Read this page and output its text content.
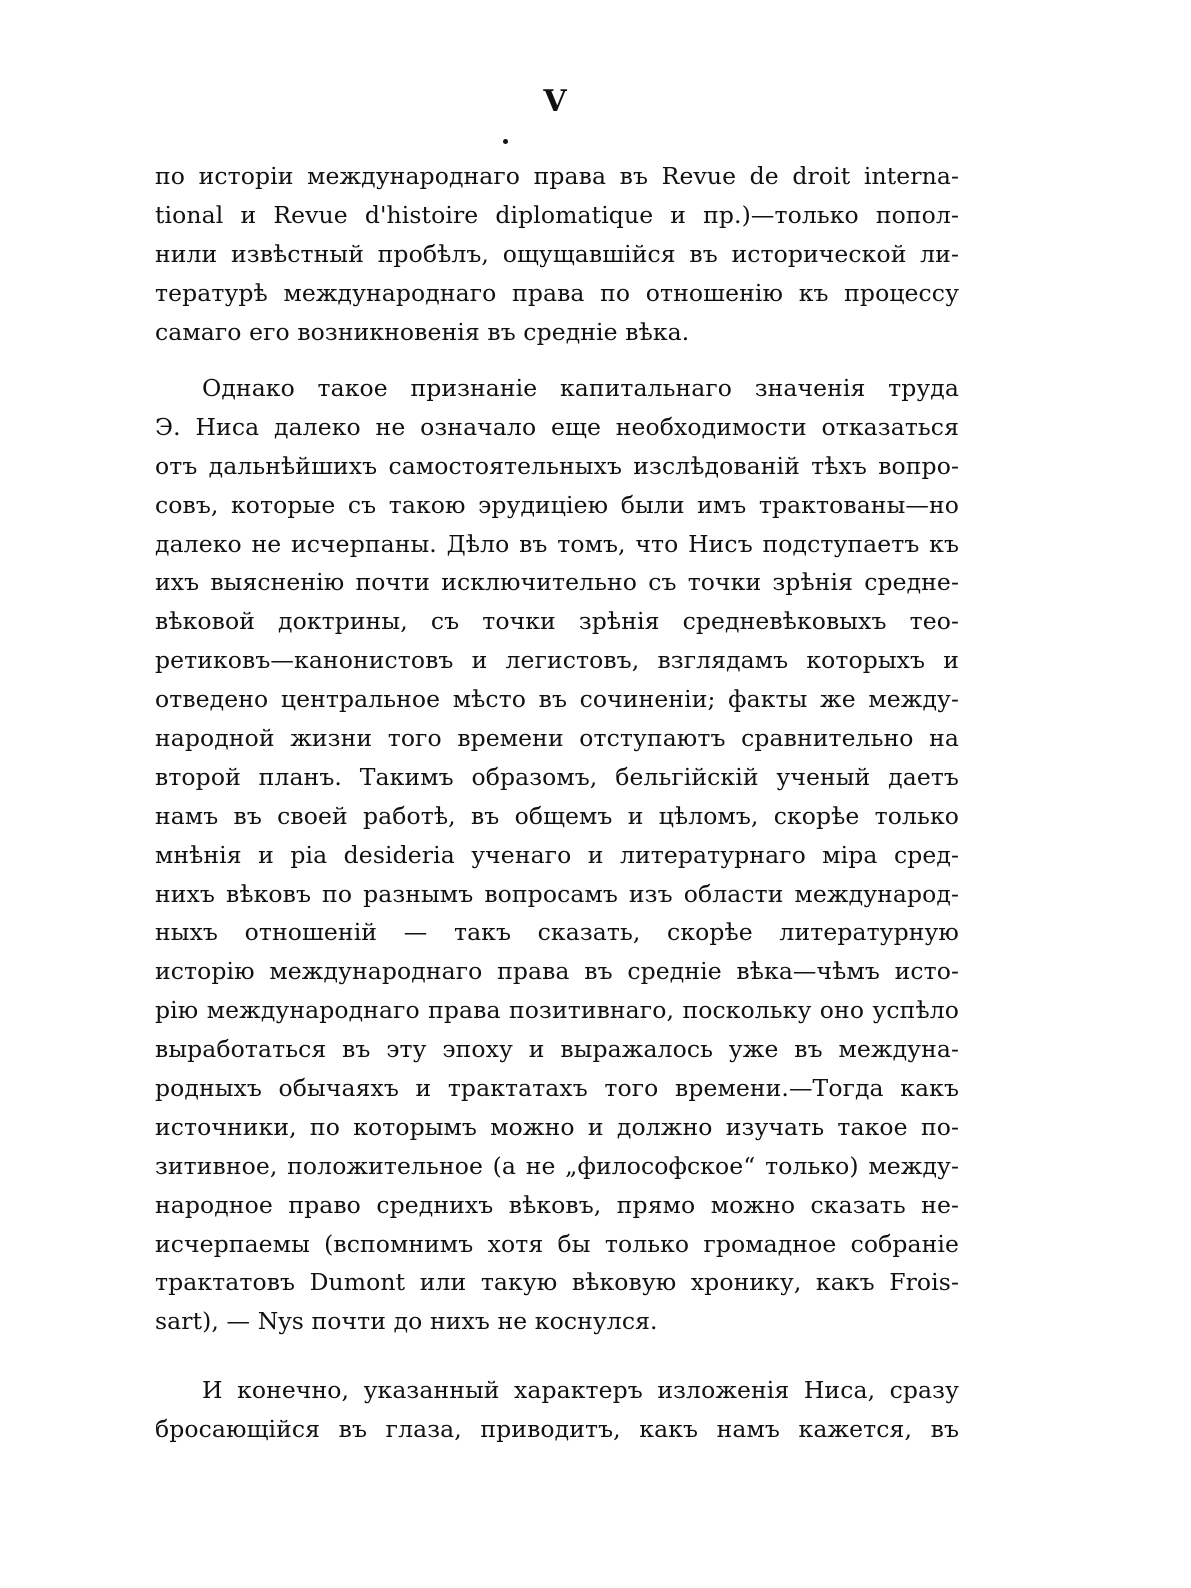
V
по исторіи международнаго права въ Revue de droit interna-
tional и Revue d'histoire diplomatique и пр.)—только попол-
нили извѣстный пробѣлъ, ощущавшійся въ исторической ли-
тературѣ международнаго права по отношенію къ процессу
самаго его возникновенія въ средніе вѣка.
Однако такое признаніе капитальнаго значенія труда
Э. Ниса далеко не означало еще необходимости отказаться
отъ дальнѣйшихъ самостоятельныхъ изслѣдованій тѣхъ вопро-
совъ, которые съ такою эрудиціею были имъ трактованы—но
далеко не исчерпаны. Дѣло въ томъ, что Нисъ подступаетъ къ
ихъ выясненію почти исключительно съ точки зрѣнія средне-
вѣковой доктрины, съ точки зрѣнія средневѣковыхъ тео-
ретиковъ—канонистовъ и легистовъ, взглядамъ которыхъ и
отведено центральное мѣсто въ сочиненіи; факты же между-
народной жизни того времени отступаютъ сравнительно на
второй планъ. Такимъ образомъ, бельгійскій ученый даетъ
намъ въ своей работѣ, въ общемъ и цѣломъ, скорѣе только
мнѣнія и pia desideria ученаго и литературнаго міра сред-
нихъ вѣковъ по разнымъ вопросамъ изъ области международ-
ныхъ отношеній — такъ сказать, скорѣе литературную
исторію международнаго права въ средніе вѣка—чѣмъ исто-
рію международнаго права позитивнаго, поскольку оно успѣло
выработаться въ эту эпоху и выражалось уже въ междуна-
родныхъ обычаяхъ и трактатахъ того времени.—Тогда какъ
источники, по которымъ можно и должно изучать такое по-
зитивное, положительное (а не „философское“ только) между-
народное право среднихъ вѣковъ, прямо можно сказать не-
исчерпаемы (вспомнимъ хотя бы только громадное собраніе
трактатовъ Dumont или такую вѣковую хронику, какъ Frois-
sart), — Nys почти до нихъ не коснулся.
И конечно, указанный характеръ изложенія Ниса, сразу
бросающійся въ глаза, приводитъ, какъ намъ кажется, въ
